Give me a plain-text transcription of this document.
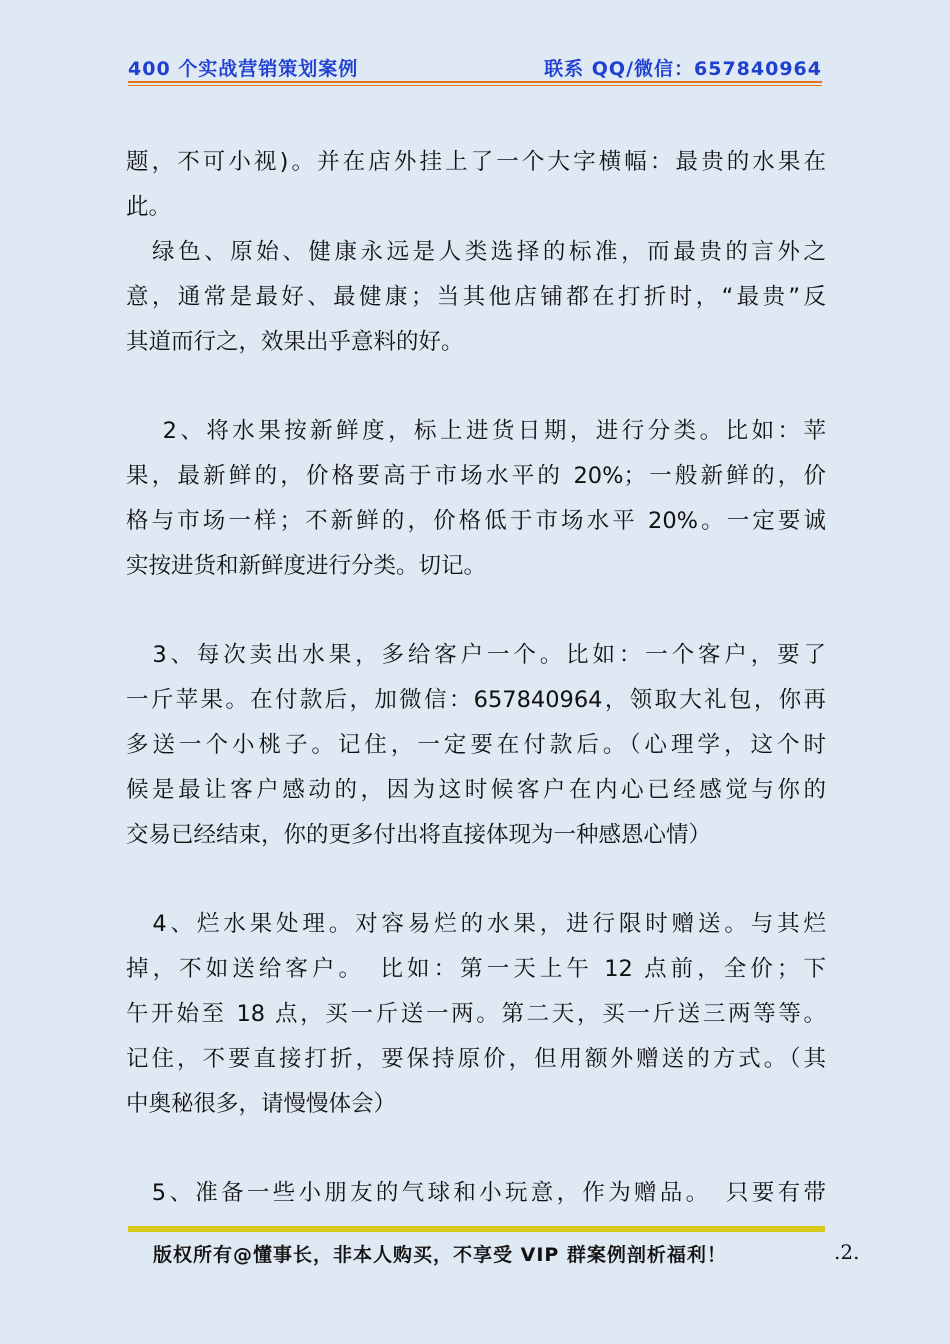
400 个实战营销策划案例	联系 QQ/微信：657840964
题，不可小视)。并在店外挂上了一个大字横幅：最贵的水果在
此。
　绿色、原始、健康永远是人类选择的标准，而最贵的言外之
意，通常是最好、最健康；当其他店铺都在打折时，“最贵”反
其道而行之，效果出乎意料的好。
　 2、将水果按新鲜度，标上进货日期，进行分类。比如：苹
果，最新鲜的，价格要高于市场水平的 20%；一般新鲜的，价
格与市场一样；不新鲜的，价格低于市场水平 20%。一定要诚
实按进货和新鲜度进行分类。切记。
　3、每次卖出水果，多给客户一个。比如：一个客户，要了
一斤苹果。在付款后，加微信：657840964，领取大礼包，你再
多送一个小桃子。记住，一定要在付款后。（心理学，这个时
候是最让客户感动的，因为这时候客户在内心已经感觉与你的
交易已经结束，你的更多付出将直接体现为一种感恩心情）
　4、烂水果处理。对容易烂的水果，进行限时赠送。与其烂
掉，不如送给客户。　比如：第一天上午 12 点前，全价；下
午开始至 18 点，买一斤送一两。第二天，买一斤送三两等等。
记住，不要直接打折，要保持原价，但用额外赠送的方式。（其
中奥秘很多，请慢慢体会）
　5、准备一些小朋友的气球和小玩意，作为赠品。　只要有带
版权所有@懂事长，非本人购买，不享受 VIP 群案例剖析福利！	.2.
